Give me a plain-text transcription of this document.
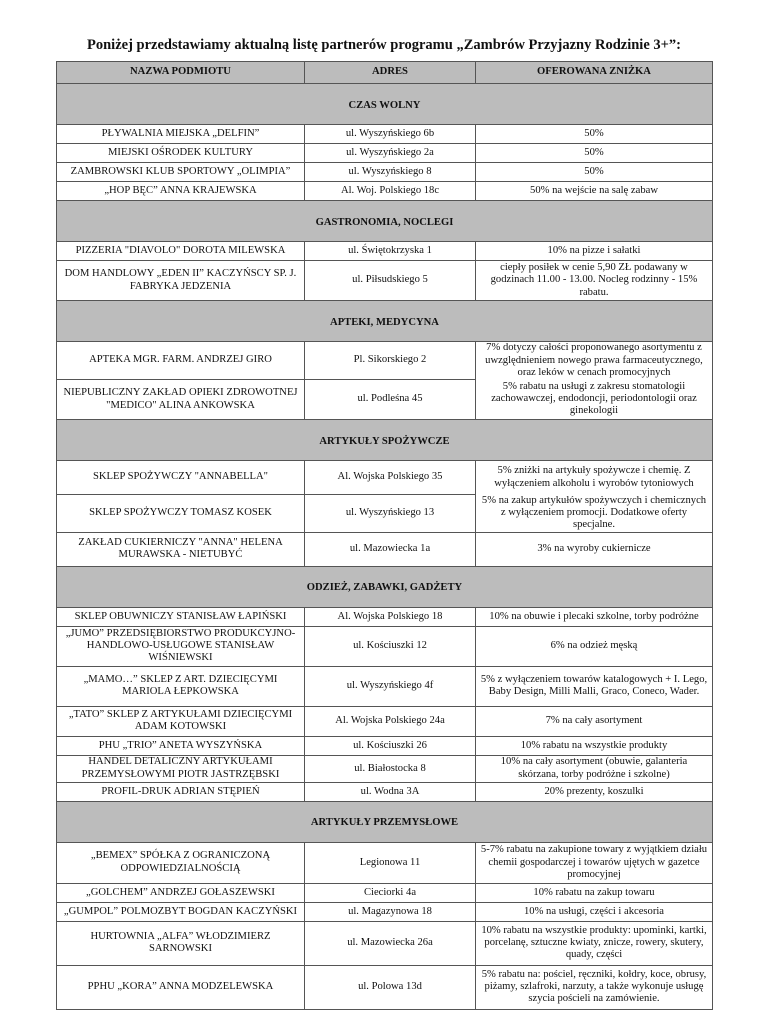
Poniżej przedstawiamy aktualną listę partnerów programu „Zambrów Przyjazny Rodzinie 3+”:
NAZWA PODMIOTU	ADRES	OFEROWANA ZNIŻKA

CZAS WOLNY		

PŁYWALNIA MIEJSKA „DELFIN”	ul. Wyszyńskiego 6b	50%
MIEJSKI OŚRODEK KULTURY	ul. Wyszyńskiego 2a	50%
ZAMBROWSKI KLUB SPORTOWY „OLIMPIA”	ul. Wyszyńskiego 8	50%
„HOP BĘC” ANNA KRAJEWSKA	Al. Woj. Polskiego 18c	50% na wejście na salę zabaw

GASTRONOMIA, NOCLEGI		

PIZZERIA "DIAVOLO" DOROTA MILEWSKA	ul. Świętokrzyska 1	10% na pizze i sałatki
DOM HANDLOWY „EDEN II” KACZYŃSCY SP. J. FABRYKA JEDZENIA	ul. Piłsudskiego 5	ciepły posiłek w cenie 5,90 ZŁ podawany w godzinach 11.00 - 13.00. Nocleg rodzinny - 15% rabatu.

APTEKI, MEDYCYNA		

APTEKA MGR. FARM. ANDRZEJ GIRO	Pl. Sikorskiego 2	7% dotyczy całości proponowanego asortymentu z uwzględnieniem nowego prawa farmaceutycznego, oraz leków w cenach promocyjnych
NIEPUBLICZNY ZAKŁAD OPIEKI ZDROWOTNEJ "MEDICO" ALINA ANKOWSKA	ul. Podleśna 45	5% rabatu na usługi z zakresu stomatologii zachowawczej, endodoncji, periodontologii oraz ginekologii

ARTYKUŁY SPOŻYWCZE		

SKLEP SPOŻYWCZY "ANNABELLA"	Al. Wojska Polskiego 35	5% zniżki na artykuły spożywcze i chemię. Z wyłączeniem alkoholu i wyrobów tytoniowych
SKLEP SPOŻYWCZY TOMASZ KOSEK	ul. Wyszyńskiego 13	5% na zakup artykułów spożywczych i chemicznych z wyłączeniem promocji. Dodatkowe oferty specjalne.
ZAKŁAD CUKIERNICZY "ANNA" HELENA MURAWSKA - NIETUBYĆ	ul. Mazowiecka 1a	3% na wyroby cukiernicze

ODZIEŻ, ZABAWKI, GADŻETY		

SKLEP OBUWNICZY STANISŁAW ŁAPIŃSKI	Al. Wojska Polskiego 18	10% na obuwie i plecaki szkolne, torby podróżne
„JUMO” PRZEDSIĘBIORSTWO PRODUKCYJNO-HANDLOWO-USŁUGOWE STANISŁAW WIŚNIEWSKI	ul. Kościuszki 12	6% na odzież męską
„MAMO…” SKLEP Z ART. DZIECIĘCYMI MARIOLA ŁEPKOWSKA	ul. Wyszyńskiego 4f	5% z wyłączeniem towarów katalogowych + I. Lego, Baby Design, Milli Malli, Graco, Coneco, Wader.
„TATO” SKLEP Z ARTYKUŁAMI DZIECIĘCYMI ADAM KOTOWSKI	Al. Wojska Polskiego 24a	7% na cały asortyment
PHU „TRIO” ANETA WYSZYŃSKA	ul. Kościuszki 26	10% rabatu na wszystkie produkty
HANDEL DETALICZNY ARTYKUŁAMI PRZEMYSŁOWYMI PIOTR JASTRZĘBSKI	ul. Białostocka 8	10% na cały asortyment (obuwie, galanteria skórzana, torby podróżne i szkolne)
PROFIL-DRUK ADRIAN STĘPIEŃ	ul. Wodna 3A	20% prezenty, koszulki

ARTYKUŁY PRZEMYSŁOWE		

„BEMEX” SPÓŁKA Z OGRANICZONĄ ODPOWIEDZIALNOŚCIĄ	Legionowa 11	5-7% rabatu na zakupione towary z wyjątkiem działu chemii gospodarczej i towarów ujętych w gazetce promocyjnej
„GOLCHEM” ANDRZEJ GOŁASZEWSKI	Cieciorki 4a	10% rabatu na zakup towaru
„GUMPOL” POLMOZBYT BOGDAN KACZYŃSKI	ul. Magazynowa 18	10% na usługi, części i akcesoria
HURTOWNIA „ALFA” WŁODZIMIERZ SARNOWSKI	ul. Mazowiecka 26a	10% rabatu na wszystkie produkty: upominki, kartki, porcelanę, sztuczne kwiaty, znicze, rowery, skutery, quady, części
PPHU „KORA” ANNA MODZELEWSKA	ul. Polowa 13d	5% rabatu na: pościel, ręczniki, kołdry, koce, obrusy, piżamy, szlafroki, narzuty, a także wykonuje usługę szycia pościeli na zamówienie.
